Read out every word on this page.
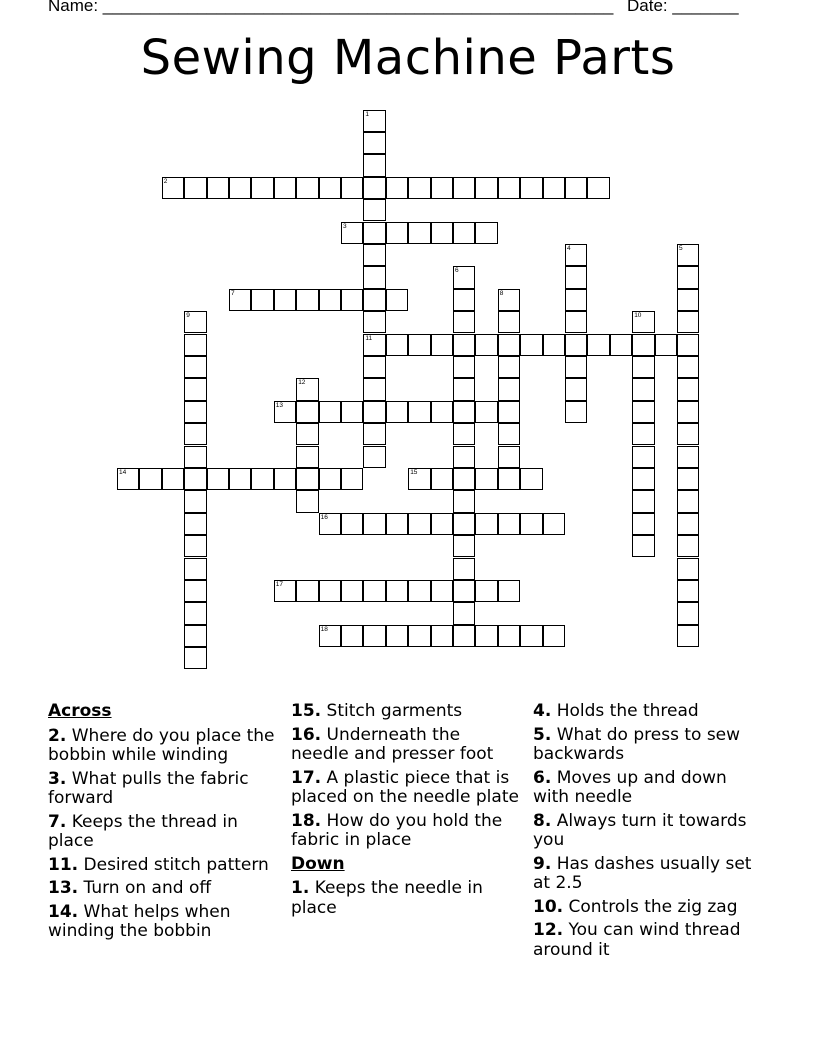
Name: ______________________________________________________ Date: _______
Sewing Machine Parts
1
11
2
3
4	5
6
7	8
9	10
12
13
14	15
16
17
18
Across
2. Where do you place the bobbin while winding
3. What pulls the fabric forward
7. Keeps the thread in place
11. Desired stitch pattern
13. Turn on and off
14. What helps when winding the bobbin
15. Stitch garments
16. Underneath the needle and presser foot
17. A plastic piece that is placed on the needle plate
18. How do you hold the fabric in place
Down
1. Keeps the needle in place
4. Holds the thread
5. What do press to sew backwards
6. Moves up and down with needle
8. Always turn it towards you
9. Has dashes usually set at 2.5
10. Controls the zig zag
12. You can wind thread around it
